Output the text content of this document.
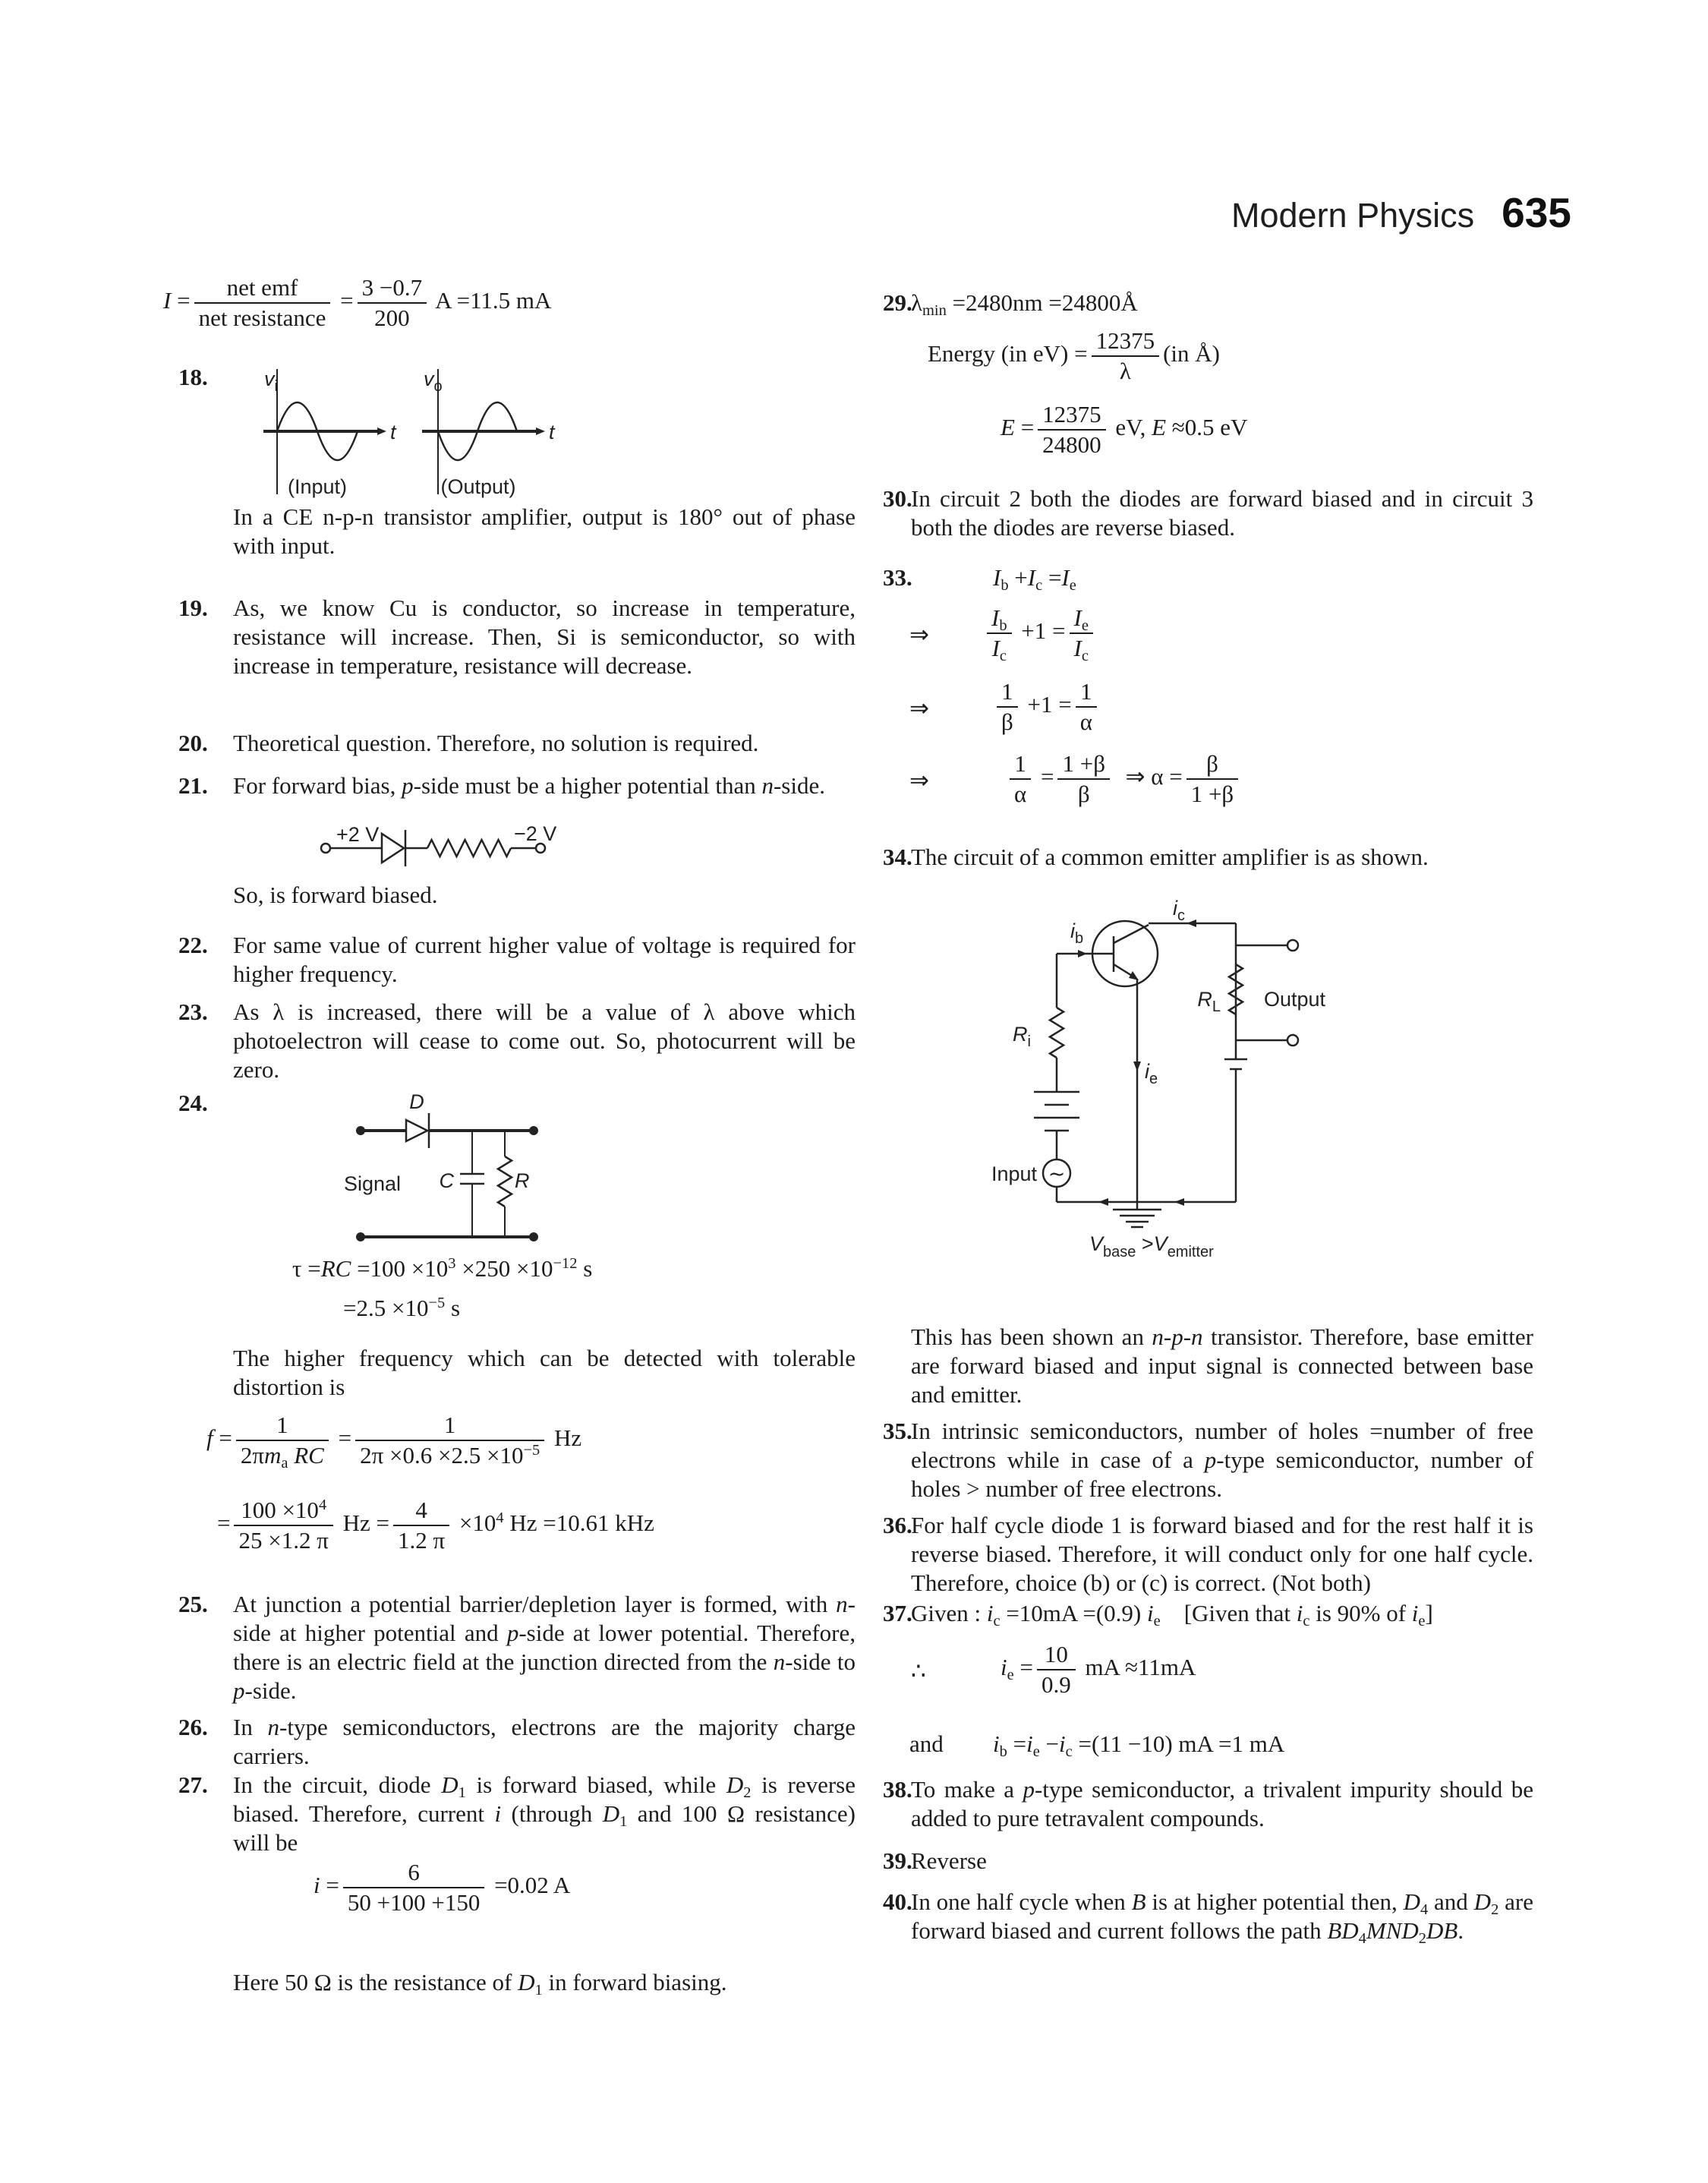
Modern Physics 635
$I = \frac{\text{net emf}}{\text{net resistance}} = \frac{3 -0.7}{200}$ A =11.5 mA
18.	$v_i$
t
(Input)
$v_o$
t
(Output)
In a CE n-p-n transistor amplifier, output is 180° out of phase with input.
19. As, we know Cu is conductor, so increase in temperature, resistance will increase. Then, Si is semiconductor, so with increase in temperature, resistance will decrease.
20. Theoretical question. Therefore, no solution is required.
21. For forward bias, p-side must be a higher potential than n-side.
+2 V	−2 V
So, is forward biased.
22. For same value of current higher value of voltage is required for higher frequency.
23. As λ is increased, there will be a value of λ above which photoelectron will cease to come out. So, photocurrent will be zero.
24.	D
Signal C	R
$\tau =RC =100 \times 10^3 \times 250 \times 10^{-12}$ s
$=2.5 \times 10^{-5}$ s
The higher frequency which can be detected with tolerable distortion is
$f = \frac{1}{2\pi m_a RC} = \frac{1}{2\pi \times 0.6 \times 2.5 \times 10^{-5}}$ Hz
= $\frac{100 \times 10^4}{25 \times 1.2 \pi}$ $Hz = \frac{4}{1.2 \pi} \times 10^4$ Hz =10.61 kHz
25. At junction a potential barrier/depletion layer is formed, with n-side at higher potential and p-side at lower potential. Therefore, there is an electric field at the junction directed from the n-side to p-side.
26. In n-type semiconductors, electrons are the majority charge carriers.
27. In the circuit, diode $D_1$ is forward biased, while $D_2$ is reverse biased. Therefore, current i (through $D_1$ and 100 Ω resistance) will be
$i = \frac{6}{50 +100 +150} =0.02$ A
Here 50 Ω is the resistance of $D_1$ in forward biasing.
29.
$\lambda_{min} =2480nm$ =24800Å
Energy (in $eV) = \frac{12375}{\lambda} (in$ Å)
$E = \frac{12375}{24800}$ eV, E ≈0.5 eV
30.
In circuit 2 both the diodes are forward biased and in circuit 3 both the diodes are reverse biased.
33.	$I_b +I_c =I_e$
⇒ $\frac{I_b}{I_c} +1 = \frac{I_e}{I_c}$
⇒	$\frac{1}{\beta} +1 = \frac{1}{\alpha}$
⇒	$\frac{1}{\alpha} = \frac{1 +\beta}{\beta}$ ⇒ $\alpha = \frac{\beta}{1 +\beta}$
34.
The circuit of a common emitter amplifier is as shown.
∼
$i_c$
$i_b$
$i_e$
$R_i$
$R_L$ Output
Input
$V_{base} >V_{emitter}$
This has been shown an n-p-n transistor. Therefore, base emitter are forward biased and input signal is connected between base and emitter.
35.
In intrinsic semiconductors, number of holes =number of free electrons while in case of a p-type semiconductor, number of holes > number of free electrons.
36.
For half cycle diode 1 is forward biased and for the rest half it is reverse biased. Therefore, it will conduct only for one half cycle. Therefore, choice (b) or (c) is correct. (Not both)
37.
Given : $i_c =10mA =(0.9)$ $i_e$    [Given that $i_c$ is 90% of $i_e$]
∴	$i_e = \frac{10}{0.9}$ mA ≈11mA
and $i_b =i_e -i_c =(11 -10)$ mA =1 mA
38.
To make a p-type semiconductor, a trivalent impurity should be added to pure tetravalent compounds.
39.
Reverse
40.
In one half cycle when B is at higher potential then, $D_4$ and $D_2$ are forward biased and current follows the path $BD_4MND_2DB$.
